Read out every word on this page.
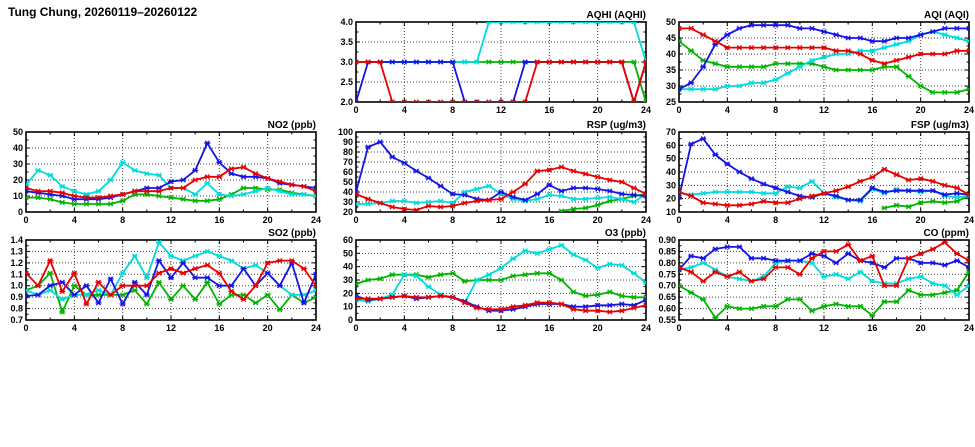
Tung Chung, 20260119–20260122
2.0
2.5
3.0
3.5
4.0
0	4	8	12	16	20	24
AQHI (AQHI)
25
30
35
40
45
50
0	4	8	12	16	20	24
AQI (AQI)
0
10
20
30
40
50
0	4	8	12	16	20	24
NO2 (ppb)
20
30
40
50
60
70
80
90
100
0	4	8	12	16	20	24
RSP (ug/m3)
10
20
30
40
50
60
70
0	4	8	12	16	20	24
FSP (ug/m3)
0.7
0.8
0.9
1.0
1.1
1.2
1.3
1.4
0	4	8	12	16	20	24
SO2 (ppb)
0
10
20
30
40
50
60
0	4	8	12	16	20	24
O3 (ppb)
0.55
0.60
0.65
0.70
0.75
0.80
0.85
0.90
0	4	8	12	16	20	24
CO (ppm)
